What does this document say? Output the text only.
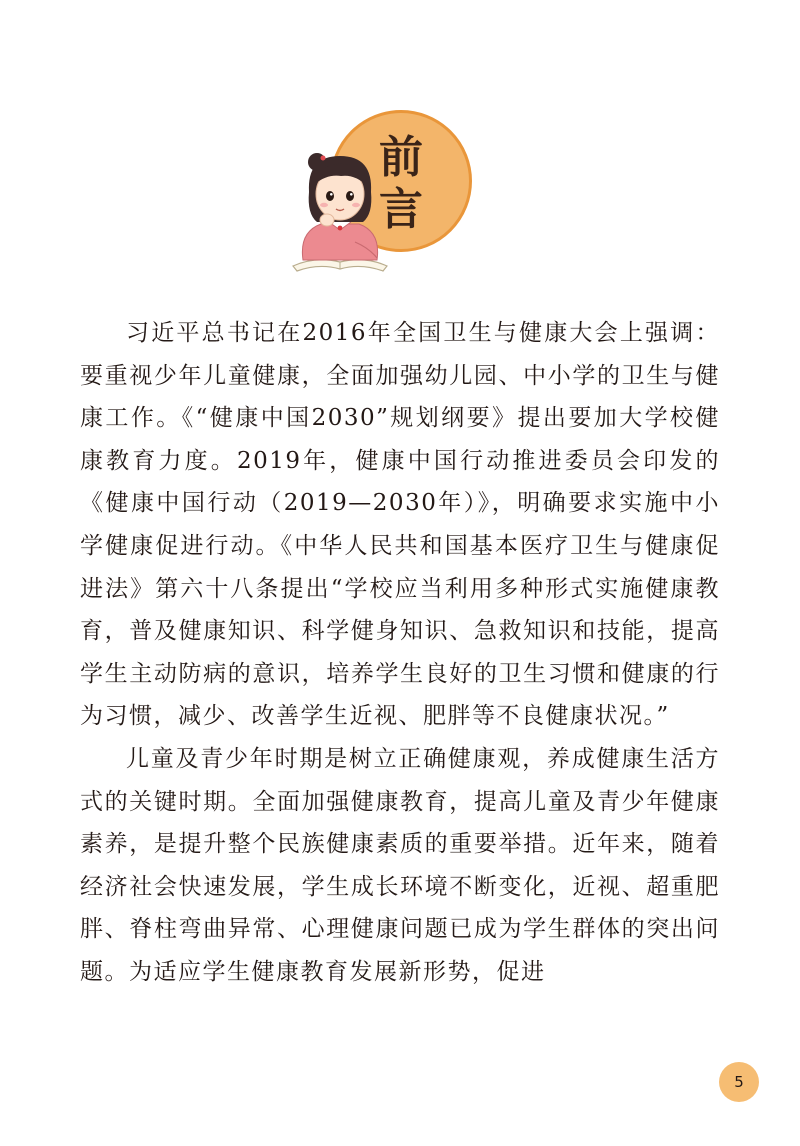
前言

习近平总书记在2016年全国卫生与健康大会上强调：要重视少年儿童健康，全面加强幼儿园、中小学的卫生与健康工作。《“健康中国2030”规划纲要》提出要加大学校健康教育力度。2019年，健康中国行动推进委员会印发的《健康中国行动（2019—2030年）》，明确要求实施中小学健康促进行动。《中华人民共和国基本医疗卫生与健康促进法》第六十八条提出“学校应当利用多种形式实施健康教育，普及健康知识、科学健身知识、急救知识和技能，提高学生主动防病的意识，培养学生良好的卫生习惯和健康的行为习惯，减少、改善学生近视、肥胖等不良健康状况。”

儿童及青少年时期是树立正确健康观，养成健康生活方式的关键时期。全面加强健康教育，提高儿童及青少年健康素养，是提升整个民族健康素质的重要举措。近年来，随着经济社会快速发展，学生成长环境不断变化，近视、超重肥胖、脊柱弯曲异常、心理健康问题已成为学生群体的突出问题。为适应学生健康教育发展新形势，促进

5
